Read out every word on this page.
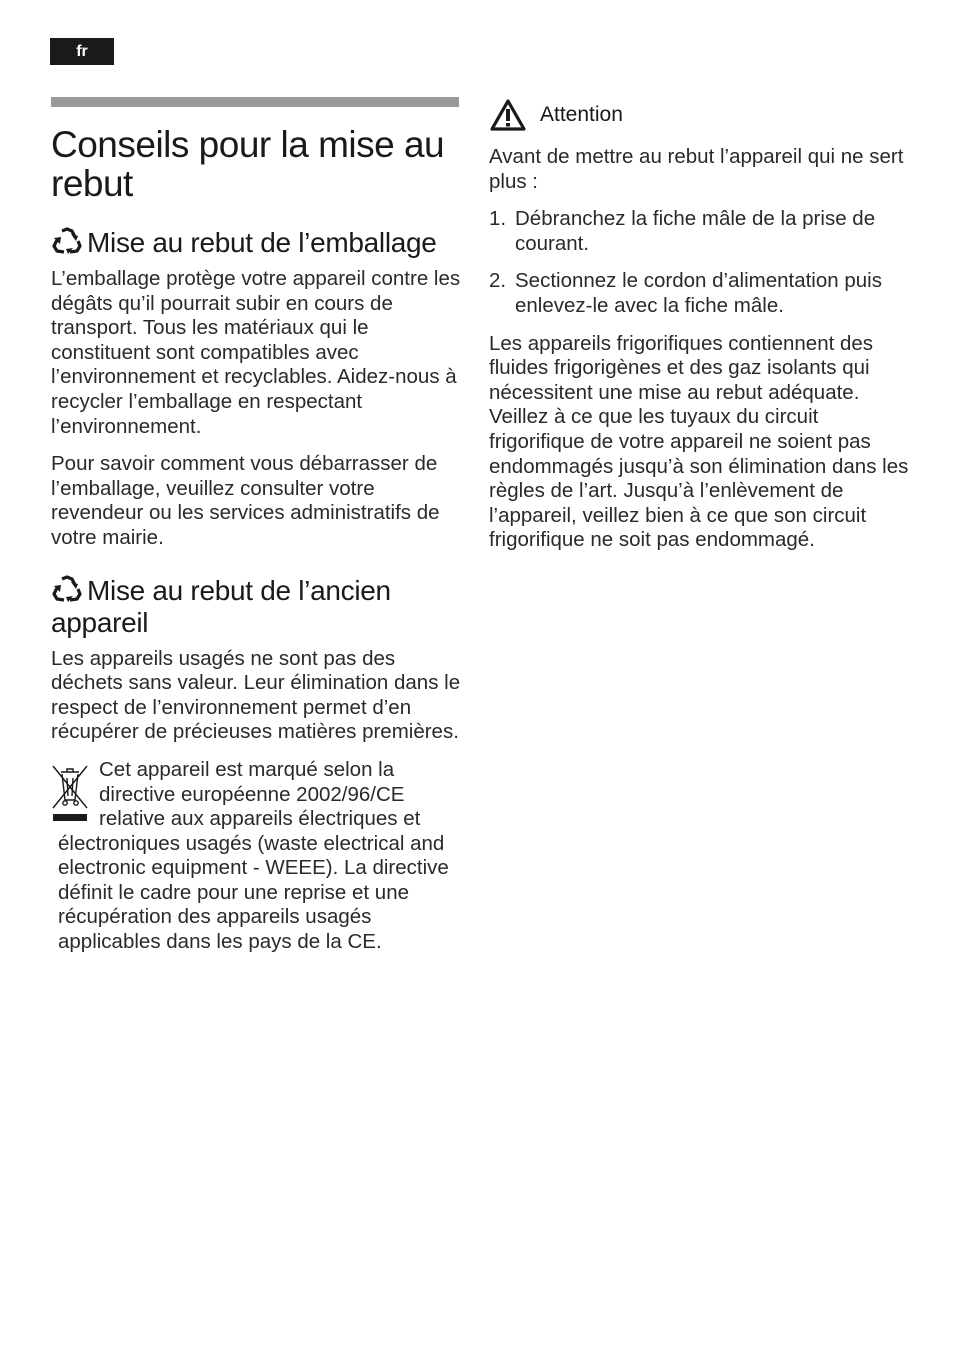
fr
Conseils pour la mise au rebut
Mise au rebut de l’emballage

L’emballage protège votre appareil contre les dégâts qu’il pourrait subir en cours de transport. Tous les matériaux qui le constituent sont compatibles avec l’environnement et recyclables. Aidez-nous à recycler l’emballage en respectant l’environnement.

Pour savoir comment vous débarrasser de l’emballage, veuillez consulter votre revendeur ou les services administratifs de votre mairie.

Mise au rebut de l’ancien appareil

Les appareils usagés ne sont pas des déchets sans valeur. Leur élimination dans le respect de l’environnement permet d’en récupérer de précieuses matières premières.

Cet appareil est marqué selon la

directive européenne 2002/96/CE

relative aux appareils électriques et

électroniques usagés (waste electrical and electronic equipment - WEEE). La directive définit le cadre pour une reprise et une récupération des appareils usagés applicables dans les pays de la CE.

Attention

Avant de mettre au rebut l’appareil qui ne sert plus :

1. Débranchez la fiche mâle de la prise de courant.
2. Sectionnez le cordon d’alimentation puis enlevez-le avec la fiche mâle.

Les appareils frigorifiques contiennent des fluides frigorigènes et des gaz isolants qui nécessitent une mise au rebut adéquate. Veillez à ce que les tuyaux du circuit frigorifique de votre appareil ne soient pas endommagés jusqu’à son élimination dans les règles de l’art. Jusqu’à l’enlèvement de l’appareil, veillez bien à ce que son circuit frigorifique ne soit pas endommagé.
